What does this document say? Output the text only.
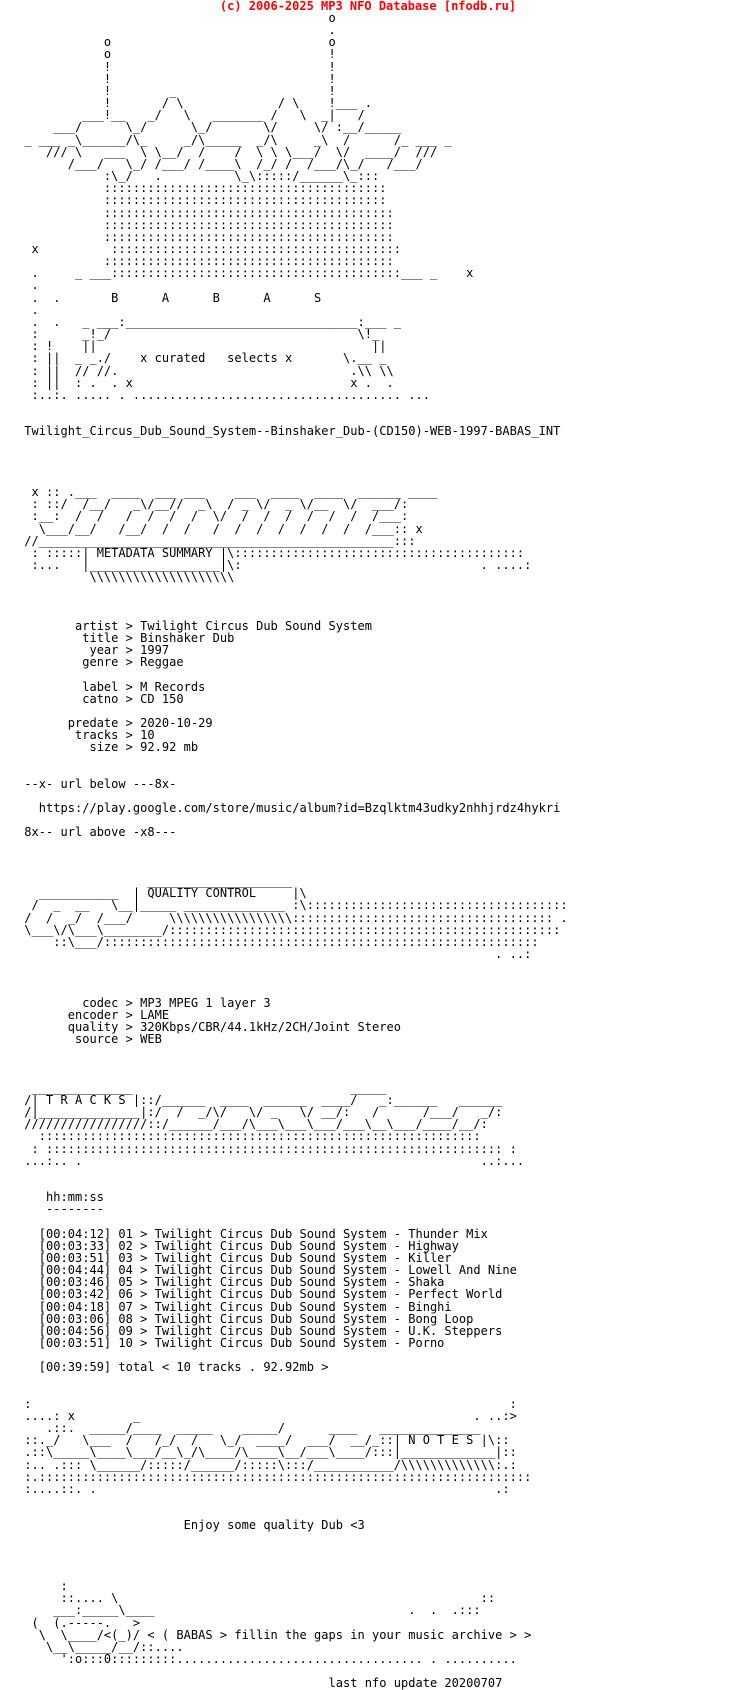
(c) 2006-2025 MP3 NFO Database [nfodb.ru]
o
.
o                              o
o                              !
!                              !
!                              !
!        _                     !
!       / \             / \    !___ .
___!__   _/   \   _______ /   \  _|   /
___/      \_/      \_/       \/     \/ :__/_____
_ ___ _\______/\_     _/\_____  _/\     _\  /      /_ ___ _
/// \   ___  \ \__/  /    /  \ \ \___/  \/  ____/  ///
/___/   \_/ /___/ /____\  /_/ /  /___/\_/   /___/
:\_/   .          \_\:::::/______\_:::
:::::::::::::::::::::::::::::::::::::::
:::::::::::::::::::::::::::::::::::::::
::::::::::::::::::::::::::::::::::::::::
::::::::::::::::::::::::::::::::::::::::
::::::::::::::::::::::::::::::::::::::::
x          ::::::::::::::::::::::::::::::::::::::::
::::::::::::::::::::::::::::::::::::::::
.     _ ___::::::::::::::::::::::::::::::::::::::::___ _    x
.
.  .       B      A      B      A      S
.
.  .   _ ___:________________________________:___ _
:      _!_/                                  \!_
: !    ||                                      ||
: ||  _ _./    x curated   selects x       \.__ _
: ||  // //.                                .\\ \\
: ||  : .  . x                              x .  .
:..:. ..... . ..................................... ...

Twilight_Circus_Dub_Sound_System--Binshaker_Dub-(CD150)-WEB-1997-BABAS_INT

x :: .___  ____  ___ ___    ___  ____  ____  ______ ____
: ::/  /__/   _\/__//  _\  / _ \/  _ \/__  \/  ___/:
:__:  /  /   /  /  /  /  \/  /  /  /  /  /  /  /___:
\___/__/   /__/  /  /   /  /  /  /  /  /  /  /___:: x
//_________________________________________________:::
: :::::| METADATA SUMMARY |\::::::::::::::::::::::::::::::::::::::::
:...   |__________________|\:                                 . ....:
\\\\\\\\\\\\\\\\\\\\

artist > Twilight Circus Dub Sound System
title > Binshaker Dub
year > 1997
genre > Reggae

label > M Records
catno > CD 150

predate > 2020-10-29
tracks > 10
size > 92.92 mb

--x- url below ---8x-

https://play.google.com/store/music/album?id=Bzqlktm43udky2nhhjrdz4hykri

8x-- url above -x8---

____________________
___________  | QUALITY CONTROL     |\
/  _  __   \__|_____ ______________ :\::::::::::::::::::::::::::::::::::::
/  /  _/  /___/     \\\\\\\\\\\\\\\\\:::::::::::::::::::::::::::::::::::: .
\___\/\___\________/::::::::::::::::::::::::::::::::::::::::::::::::::::::
::\___/::::::::::::::::::::::::::::::::::::::::::::::::::::::::::::
. ..:

codec > MP3 MPEG 1 layer 3
encoder > LAME
quality > 320Kbps/CBR/44.1kHz/2CH/Joint Stereo
source > WEB

______________                              _____
/| T R A C K S |::/______  ____  ______  ____/   _:______   ______
/|______________|:/  /  _/\/   \/ _   \/ __/:   /      /___/   _/:
/////////////////::/______/___/\___\___\___/___\__\___/____/__/:
:::::::::::::::::::::::::::::::::::::::::::::::::::::::::::::
: ::::::::::::::::::::::::::::::::::::::::::::::::::::::::::::::: :
...:.. .                                                       ..:...

hh:mm:ss
--------

[00:04:12] 01 > Twilight Circus Dub Sound System - Thunder Mix
[00:03:33] 02 > Twilight Circus Dub Sound System - Highway
[00:03:51] 03 > Twilight Circus Dub Sound System - Killer
[00:04:44] 04 > Twilight Circus Dub Sound System - Lowell And Nine
[00:03:46] 05 > Twilight Circus Dub Sound System - Shaka
[00:03:42] 06 > Twilight Circus Dub Sound System - Perfect World
[00:04:18] 07 > Twilight Circus Dub Sound System - Binghi
[00:03:06] 08 > Twilight Circus Dub Sound System - Bong Loop
[00:04:56] 09 > Twilight Circus Dub Sound System - U.K. Steppers
[00:03:51] 10 > Twilight Circus Dub Sound System - Porno

[00:39:59] total < 10 tracks . 92.92mb >

:                                                                  :
....: x        _                                              . ..:>
.::.  _____/____  _____    _____/      ____   ______________
::._/   \___  /   /_/  /   \_/  ____/  ___/  __/_::| N O T E S |\::
.::\_____\____\___/__\_/\____/\____\__/___\____/:::|_____________|::
:.. .::: \______/:::::/______/:::::\:::/___________/\\\\\\\\\\\\\:.:
:.::::::::::::::::::::::::::::::::::::::::::::::::::::::::::::::::::::
:....::. .                                                       .:

Enjoy some quality Dub <3

:
::.... \                                                  ::
___:_____\____                                   .  .  .:::
(  (.-----.   >
\  \____/<(_)/ < ( BABAS > fillin the gaps in your music archive > >
\__\_____/__/::....
':o:::0:::::::::.................................. . ..........

last nfo update 20200707
